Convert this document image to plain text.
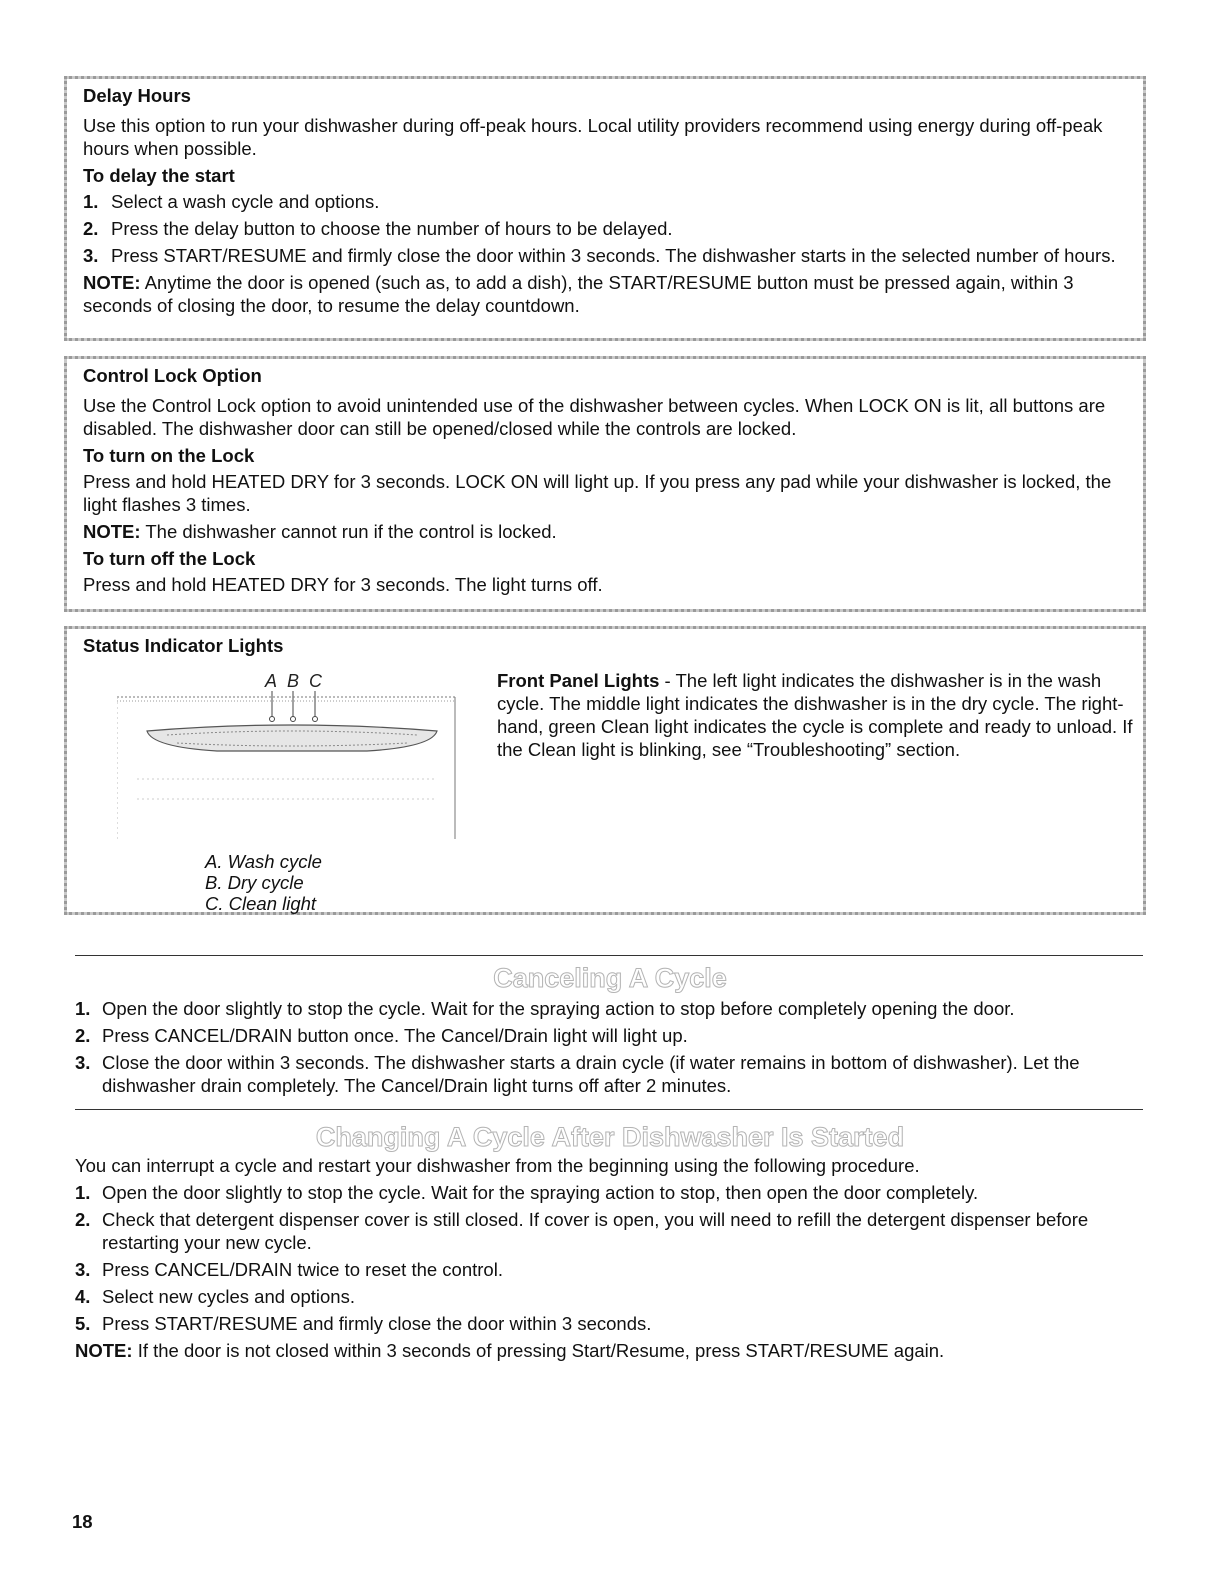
Delay Hours

Use this option to run your dishwasher during off-peak hours. Local utility providers recommend using energy during off-peak hours when possible.

To delay the start
1. Select a wash cycle and options.
2. Press the delay button to choose the number of hours to be delayed.
3. Press START/RESUME and firmly close the door within 3 seconds. The dishwasher starts in the selected number of hours.

NOTE: Anytime the door is opened (such as, to add a dish), the START/RESUME button must be pressed again, within 3 seconds of closing the door, to resume the delay countdown.

Control Lock Option

Use the Control Lock option to avoid unintended use of the dishwasher between cycles. When LOCK ON is lit, all buttons are disabled. The dishwasher door can still be opened/closed while the controls are locked.

To turn on the Lock

Press and hold HEATED DRY for 3 seconds. LOCK ON will light up. If you press any pad while your dishwasher is locked, the light flashes 3 times.

NOTE: The dishwasher cannot run if the control is locked.

To turn off the Lock

Press and hold HEATED DRY for 3 seconds. The light turns off.

Status Indicator Lights
A B C
A. Wash cycle
B. Dry cycle
C. Clean light
Front Panel Lights - The left light indicates the dishwasher is in the wash cycle. The middle light indicates the dishwasher is in the dry cycle. The right-hand, green Clean light indicates the cycle is complete and ready to unload. If the Clean light is blinking, see “Troubleshooting” section.
Canceling A Cycle
1. Open the door slightly to stop the cycle. Wait for the spraying action to stop before completely opening the door.
2. Press CANCEL/DRAIN button once. The Cancel/Drain light will light up.
3. Close the door within 3 seconds. The dishwasher starts a drain cycle (if water remains in bottom of dishwasher). Let the dishwasher drain completely. The Cancel/Drain light turns off after 2 minutes.
Changing A Cycle After Dishwasher Is Started

You can interrupt a cycle and restart your dishwasher from the beginning using the following procedure.

1. Open the door slightly to stop the cycle. Wait for the spraying action to stop, then open the door completely.
2. Check that detergent dispenser cover is still closed. If cover is open, you will need to refill the detergent dispenser before restarting your new cycle.
3. Press CANCEL/DRAIN twice to reset the control.
4. Select new cycles and options.
5. Press START/RESUME and firmly close the door within 3 seconds.

NOTE: If the door is not closed within 3 seconds of pressing Start/Resume, press START/RESUME again.

18
